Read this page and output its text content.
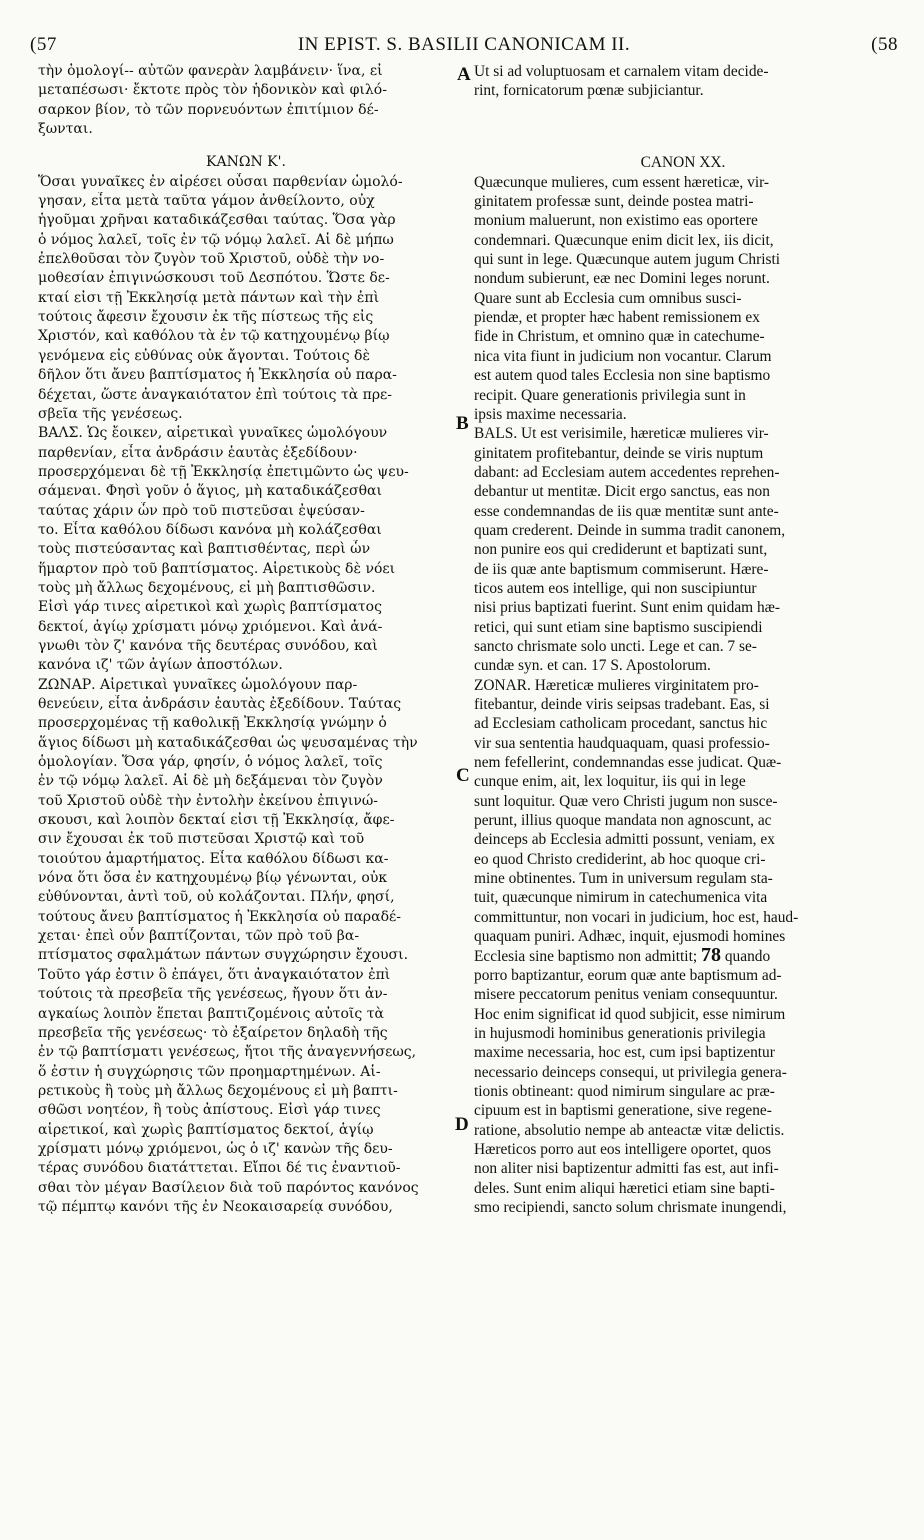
(57	IN EPIST. S. BASILII CANONICAM II.	(58
A
B
C
D
τὴν ὁμολογί-- αὐτῶν φανερὰν λαμβάνειν· ἵνα, εἰ
μεταπέσωσι· ἔκτοτε πρὸς τὸν ἡδονικὸν καὶ φιλό-
σαρκον βίον, τὸ τῶν πορνευόντων ἐπιτίμιον δέ-
ξωνται.
ΚΑΝΩΝ Κ'.
Ὅσαι γυναῖκες ἐν αἱρέσει οὖσαι παρθενίαν ὡμολό-
γησαν, εἶτα μετὰ ταῦτα γάμον ἀνθείλοντο, οὐχ
ἡγοῦμαι χρῆναι καταδικάζεσθαι ταύτας. Ὅσα γὰρ
ὁ νόμος λαλεῖ, τοῖς ἐν τῷ νόμῳ λαλεῖ. Αἱ δὲ μήπω
ἐπελθοῦσαι τὸν ζυγὸν τοῦ Χριστοῦ, οὐδὲ τὴν νο-
μοθεσίαν ἐπιγινώσκουσι τοῦ Δεσπότου. Ὥστε δε-
κταί εἰσι τῇ Ἐκκλησίᾳ μετὰ πάντων καὶ τὴν ἐπὶ
τούτοις ἄφεσιν ἔχουσιν ἐκ τῆς πίστεως τῆς εἰς
Χριστόν, καὶ καθόλου τὰ ἐν τῷ κατηχουμένῳ βίῳ
γενόμενα εἰς εὐθύνας οὐκ ἄγονται. Τούτοις δὲ
δῆλον ὅτι ἄνευ βαπτίσματος ἡ Ἐκκλησία οὐ παρα-
δέχεται, ὥστε ἀναγκαιότατον ἐπὶ τούτοις τὰ πρε-
σβεῖα τῆς γενέσεως.
ΒΑΛΣ. Ὡς ἔοικεν, αἱρετικαὶ γυναῖκες ὡμολόγουν
παρθενίαν, εἶτα ἀνδράσιν ἑαυτὰς ἐξεδίδουν·
προσερχόμεναι δὲ τῇ Ἐκκλησίᾳ ἐπετιμῶντο ὡς ψευ-
σάμεναι. Φησὶ γοῦν ὁ ἅγιος, μὴ καταδικάζεσθαι
ταύτας χάριν ὧν πρὸ τοῦ πιστεῦσαι ἐψεύσαν-
το. Εἶτα καθόλου δίδωσι κανόνα μὴ κολάζεσθαι
τοὺς πιστεύσαντας καὶ βαπτισθέντας, περὶ ὧν
ἥμαρτον πρὸ τοῦ βαπτίσματος. Αἱρετικοὺς δὲ νόει
τοὺς μὴ ἄλλως δεχομένους, εἰ μὴ βαπτισθῶσιν.
Εἰσὶ γάρ τινες αἱρετικοὶ καὶ χωρὶς βαπτίσματος
δεκτοί, ἁγίῳ χρίσματι μόνῳ χριόμενοι. Καὶ ἀνά-
γνωθι τὸν ζ' κανόνα τῆς δευτέρας συνόδου, καὶ
κανόνα ιζ' τῶν ἁγίων ἀποστόλων.
ΖΩΝΑΡ. Αἱρετικαὶ γυναῖκες ὡμολόγουν παρ-
θενεύειν, εἶτα ἀνδράσιν ἑαυτὰς ἐξεδίδουν. Ταύτας
προσερχομένας τῇ καθολικῇ Ἐκκλησίᾳ γνώμην ὁ
ἅγιος δίδωσι μὴ καταδικάζεσθαι ὡς ψευσαμένας τὴν
ὁμολογίαν. Ὅσα γάρ, φησίν, ὁ νόμος λαλεῖ, τοῖς
ἐν τῷ νόμῳ λαλεῖ. Αἱ δὲ μὴ δεξάμεναι τὸν ζυγὸν
τοῦ Χριστοῦ οὐδὲ τὴν ἐντολὴν ἐκείνου ἐπιγινώ-
σκουσι, καὶ λοιπὸν δεκταί εἰσι τῇ Ἐκκλησίᾳ, ἄφε-
σιν ἔχουσαι ἐκ τοῦ πιστεῦσαι Χριστῷ καὶ τοῦ
τοιούτου ἁμαρτήματος. Εἶτα καθόλου δίδωσι κα-
νόνα ὅτι ὅσα ἐν κατηχουμένῳ βίῳ γένωνται, οὐκ
εὐθύνονται, ἀντὶ τοῦ, οὐ κολάζονται. Πλήν, φησί,
τούτους ἄνευ βαπτίσματος ἡ Ἐκκλησία οὐ παραδέ-
χεται· ἐπεὶ οὖν βαπτίζονται, τῶν πρὸ τοῦ βα-
πτίσματος σφαλμάτων πάντων συγχώρησιν ἔχουσι.
Τοῦτο γάρ ἐστιν ὃ ἐπάγει, ὅτι ἀναγκαιότατον ἐπὶ
τούτοις τὰ πρεσβεῖα τῆς γενέσεως, ἤγουν ὅτι ἀν-
αγκαίως λοιπὸν ἕπεται βαπτιζομένοις αὐτοῖς τὰ
πρεσβεῖα τῆς γενέσεως· τὸ ἐξαίρετον δηλαδὴ τῆς
ἐν τῷ βαπτίσματι γενέσεως, ἤτοι τῆς ἀναγεννήσεως,
ὅ ἐστιν ἡ συγχώρησις τῶν προημαρτημένων. Αἱ-
ρετικοὺς ἢ τοὺς μὴ ἄλλως δεχομένους εἰ μὴ βαπτι-
σθῶσι νοητέον, ἢ τοὺς ἀπίστους. Εἰσὶ γάρ τινες
αἱρετικοί, καὶ χωρὶς βαπτίσματος δεκτοί, ἁγίῳ
χρίσματι μόνῳ χριόμενοι, ὡς ὁ ιζ' κανὼν τῆς δευ-
τέρας συνόδου διατάττεται. Εἴποι δέ τις ἐναντιοῦ-
σθαι τὸν μέγαν Βασίλειον διὰ τοῦ παρόντος κανόνος
τῷ πέμπτῳ κανόνι τῆς ἐν Νεοκαισαρείᾳ συνόδου,
Ut si ad voluptuosam et carnalem vitam decide-
rint, fornicatorum pœnæ subjiciantur.
CANON XX.
Quæcunque mulieres, cum essent hæreticæ, vir-
ginitatem professæ sunt, deinde postea matri-
monium maluerunt, non existimo eas oportere
condemnari. Quæcunque enim dicit lex, iis dicit,
qui sunt in lege. Quæcunque autem jugum Christi
nondum subierunt, eæ nec Domini leges norunt.
Quare sunt ab Ecclesia cum omnibus susci-
piendæ, et propter hæc habent remissionem ex
fide in Christum, et omnino quæ in catechume-
nica vita fiunt in judicium non vocantur. Clarum
est autem quod tales Ecclesia non sine baptismo
recipit. Quare generationis privilegia sunt in
ipsis maxime necessaria.
BALS. Ut est verisimile, hæreticæ mulieres vir-
ginitatem profitebantur, deinde se viris nuptum
dabant: ad Ecclesiam autem accedentes reprehen-
debantur ut mentitæ. Dicit ergo sanctus, eas non
esse condemnandas de iis quæ mentitæ sunt ante-
quam crederent. Deinde in summa tradit canonem,
non punire eos qui crediderunt et baptizati sunt,
de iis quæ ante baptismum commiserunt. Hære-
ticos autem eos intellige, qui non suscipiuntur
nisi prius baptizati fuerint. Sunt enim quidam hæ-
retici, qui sunt etiam sine baptismo suscipiendi
sancto chrismate solo uncti. Lege et can. 7 se-
cundæ syn. et can. 17 S. Apostolorum.
ZONAR. Hæreticæ mulieres virginitatem pro-
fitebantur, deinde viris seipsas tradebant. Eas, si
ad Ecclesiam catholicam procedant, sanctus hic
vir sua sententia haudquaquam, quasi professio-
nem fefellerint, condemnandas esse judicat. Quæ-
cunque enim, ait, lex loquitur, iis qui in lege
sunt loquitur. Quæ vero Christi jugum non susce-
perunt, illius quoque mandata non agnoscunt, ac
deinceps ab Ecclesia admitti possunt, veniam, ex
eo quod Christo crediderint, ab hoc quoque cri-
mine obtinentes. Tum in universum regulam sta-
tuit, quæcunque nimirum in catechumenica vita
committuntur, non vocari in judicium, hoc est, haud-
quaquam puniri. Adhæc, inquit, ejusmodi homines
Ecclesia sine baptismo non admittit; 78 quando
porro baptizantur, eorum quæ ante baptismum ad-
misere peccatorum penitus veniam consequuntur.
Hoc enim significat id quod subjicit, esse nimirum
in hujusmodi hominibus generationis privilegia
maxime necessaria, hoc est, cum ipsi baptizentur
necessario deinceps consequi, ut privilegia genera-
tionis obtineant: quod nimirum singulare ac præ-
cipuum est in baptismi generatione, sive regene-
ratione, absolutio nempe ab anteactæ vitæ delictis.
Hæreticos porro aut eos intelligere oportet, quos
non aliter nisi baptizentur admitti fas est, aut infi-
deles. Sunt enim aliqui hæretici etiam sine bapti-
smo recipiendi, sancto solum chrismate inungendi,
